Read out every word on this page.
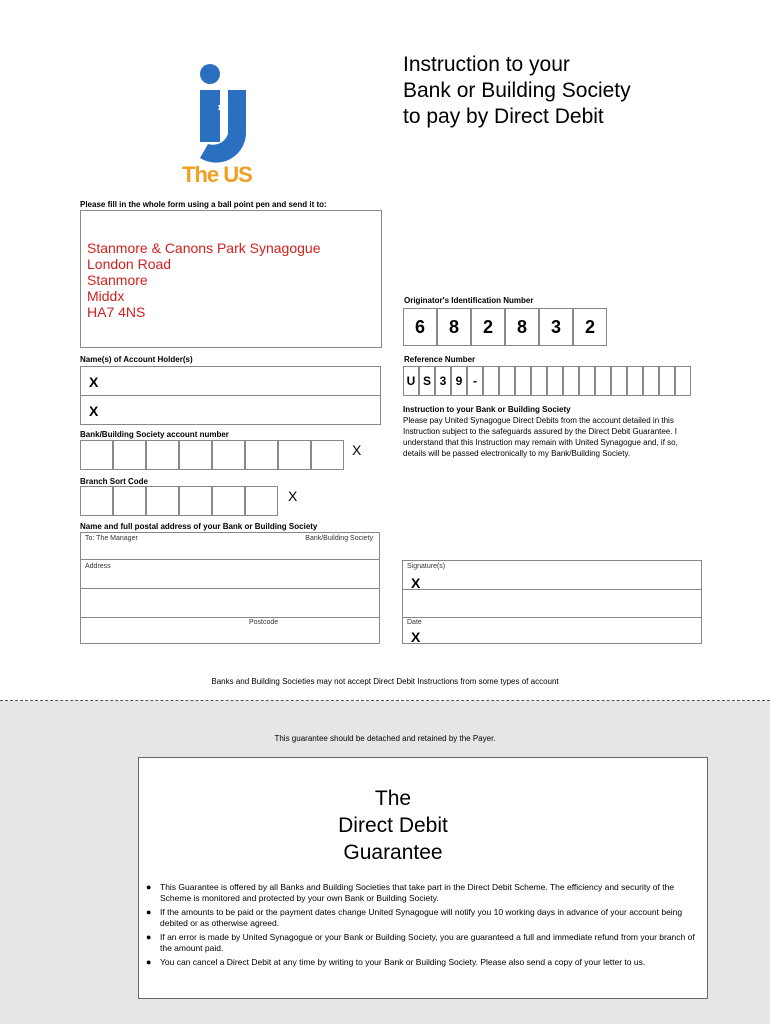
The US
Instruction to your
Bank or Building Society
to pay by Direct Debit
Please fill in the whole form using a ball point pen and send it to:
Stanmore & Canons Park Synagogue
London Road
Stanmore
Middx
HA7 4NS
Originator's Identification Number
6	8	2	8	3	2
Name(s) of Account Holder(s)
X
X
Reference Number
U S 3 9 -
Instruction to your Bank or Building Society
Please pay United Synagogue Direct Debits from the account detailed in this Instruction subject to the safeguards assured by the Direct Debit Guarantee. I understand that this Instruction may remain with United Synagogue and, if so, details will be passed electronically to my Bank/Building Society.
Bank/Building Society account number
X
Branch Sort Code
X
Name and full postal address of your Bank or Building Society
To: The Manager	Bank/Building Society
Address
Postcode
Signature(s)
X
Date
X
Banks and Building Societies may not accept Direct Debit Instructions from some types of account
This guarantee should be detached and retained by the Payer.
The
Direct Debit
Guarantee
●	This Guarantee is offered by all Banks and Building Societies that take part in the Direct Debit Scheme. The efficiency and security of the Scheme is monitored and protected by your own Bank or Building Society.
●	If the amounts to be paid or the payment dates change United Synagogue will notify you 10 working days in advance of your account being debited or as otherwise agreed.
●	If an error is made by United Synagogue or your Bank or Building Society, you are guaranteed a full and immediate refund from your branch of the amount paid.
●	You can cancel a Direct Debit at any time by writing to your Bank or Building Society. Please also send a copy of your letter to us.
